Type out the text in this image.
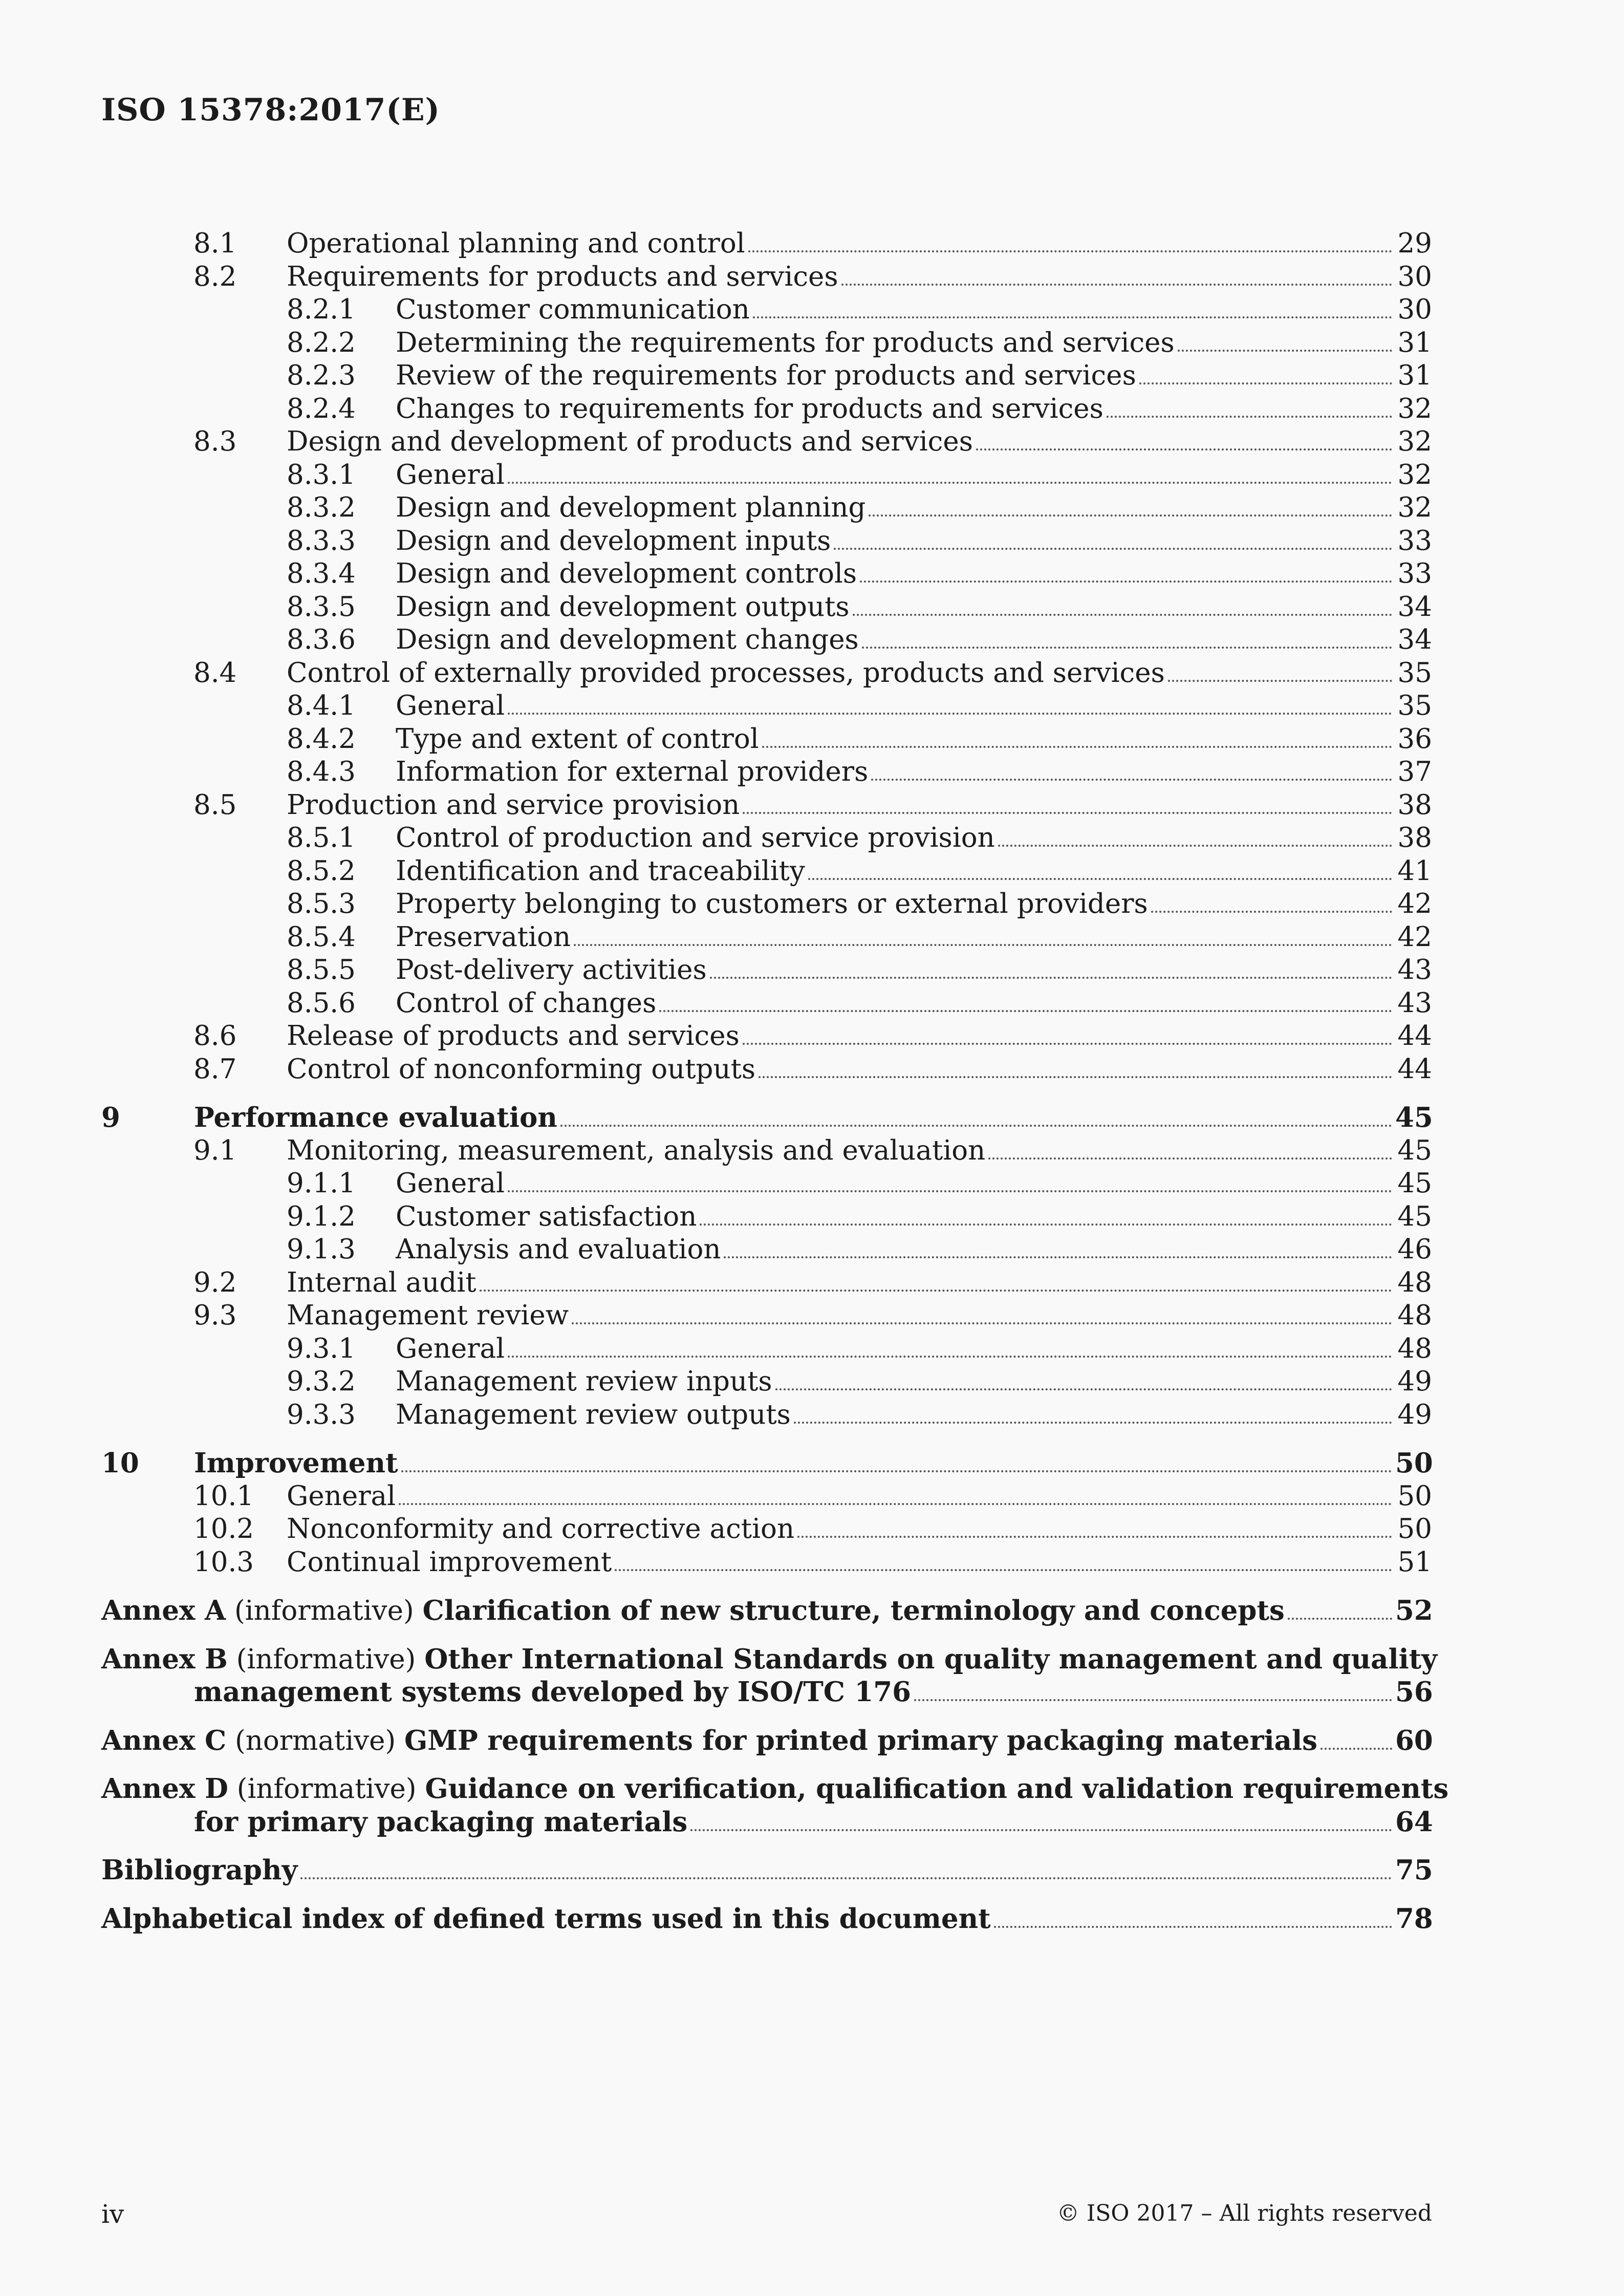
ISO 15378:2017(E)
8.1 Operational planning and control	29
8.2 Requirements for products and services	30
8.2.1 Customer communication	30
8.2.2 Determining the requirements for products and services	31
8.2.3 Review of the requirements for products and services	31
8.2.4 Changes to requirements for products and services	32
8.3 Design and development of products and services	32
8.3.1 General	32
8.3.2 Design and development planning	32
8.3.3 Design and development inputs	33
8.3.4 Design and development controls	33
8.3.5 Design and development outputs	34
8.3.6 Design and development changes	34
8.4 Control of externally provided processes, products and services	35
8.4.1 General	35
8.4.2 Type and extent of control	36
8.4.3 Information for external providers	37
8.5 Production and service provision	38
8.5.1 Control of production and service provision	38
8.5.2 Identification and traceability	41
8.5.3 Property belonging to customers or external providers	42
8.5.4 Preservation	42
8.5.5 Post-delivery activities	43
8.5.6 Control of changes	43
8.6 Release of products and services	44
8.7 Control of nonconforming outputs	44
9	Performance evaluation	45
9.1 Monitoring, measurement, analysis and evaluation	45
9.1.1 General	45
9.1.2 Customer satisfaction	45
9.1.3 Analysis and evaluation	46
9.2 Internal audit	48
9.3 Management review	48
9.3.1 General	48
9.3.2 Management review inputs	49
9.3.3 Management review outputs	49
10 Improvement	50
10.1 General	50
10.2 Nonconformity and corrective action	50
10.3 Continual improvement	51
Annex A (informative) Clarification of new structure, terminology and concepts	52
Annex B (informative) Other International Standards on quality management and quality
management systems developed by ISO/TC 176	56
Annex C (normative) GMP requirements for printed primary packaging materials	60
Annex D (informative) Guidance on verification, qualification and validation requirements
for primary packaging materials	64
Bibliography	75
Alphabetical index of defined terms used in this document	78
iv	© ISO 2017 – All rights reserved
